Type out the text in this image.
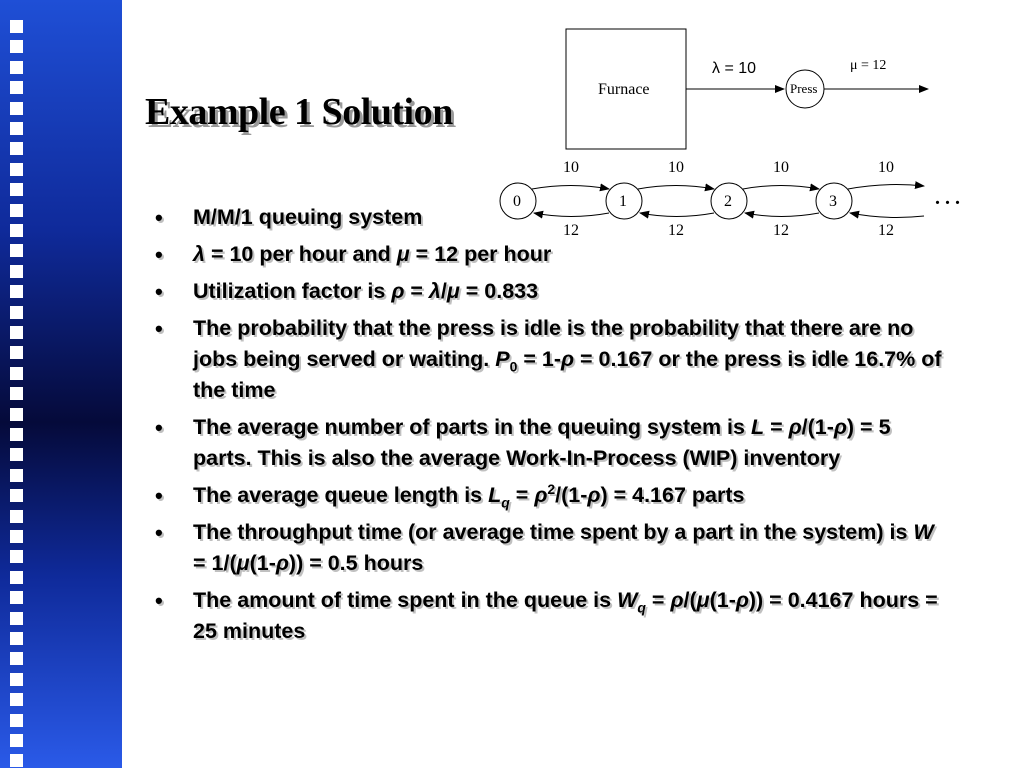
Example 1 Solution
Furnace
λ = 10
Press
μ = 12
0	1	2	3
10	10	10	10
12	12	12	12
. . .
• M/M/1 queuing system
• λ = 10 per hour and μ = 12 per hour
• Utilization factor is ρ = λ/μ = 0.833
• The probability that the press is idle is the probability that there are no jobs being served or waiting. $P_0 = 1-\rho = 0.167$ or the press is idle 16.7% of the time
• The average number of parts in the queuing system is L = ρ/(1-ρ) = 5 parts. This is also the average Work-In-Process (WIP) inventory
• The average queue length is $L_q = \rho^2/(1-\rho) = 4.167$ parts
• The throughput time (or average time spent by a part in the system) is W = 1/(μ(1-ρ)) = 0.5 hours
• The amount of time spent in the queue is $W_q = \rho/(\mu(1-\rho)) = 0.4167$ hours = 25 minutes
